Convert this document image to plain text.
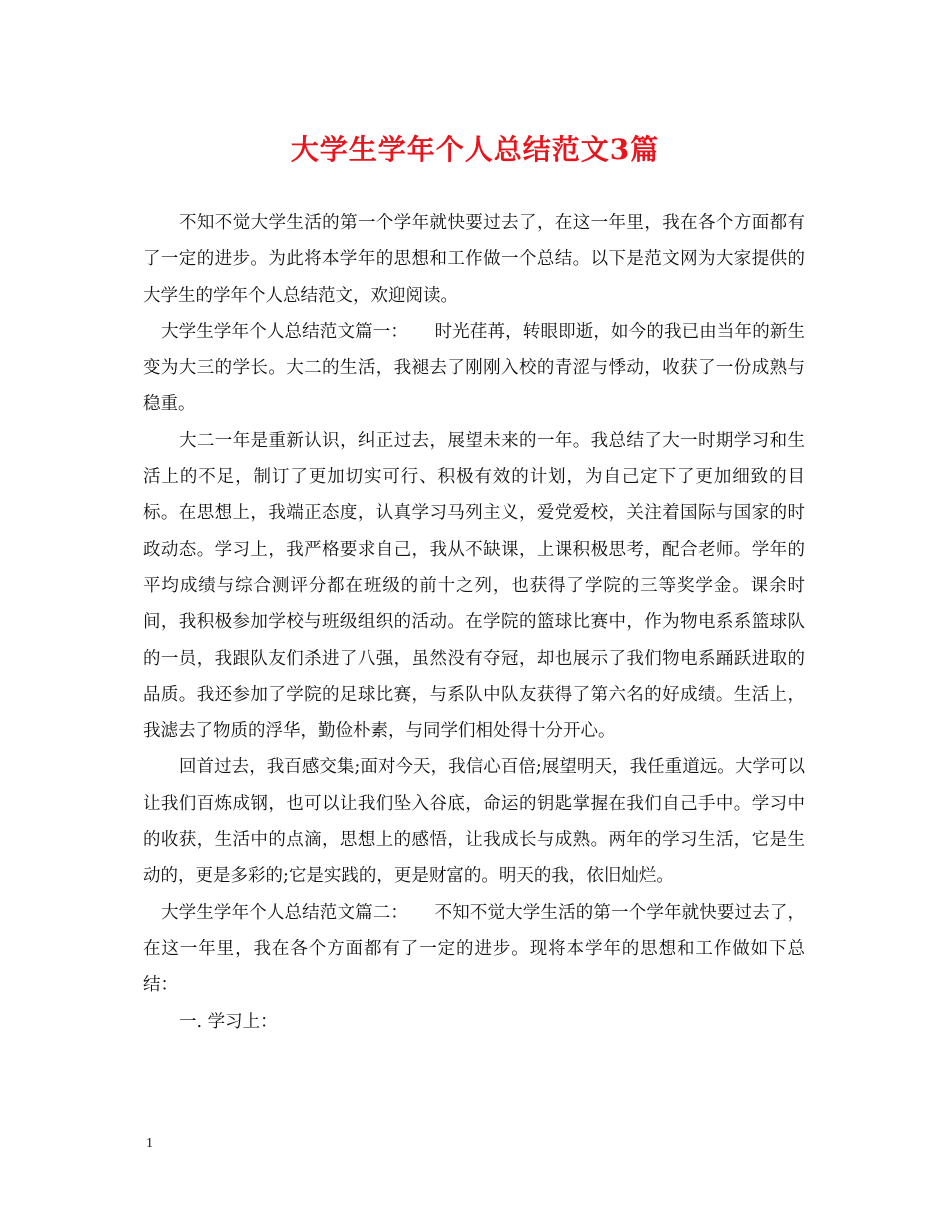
大学生学年个人总结范文3篇

不知不觉大学生活的第一个学年就快要过去了，在这一年里，我在各个方面都有了一定的进步。为此将本学年的思想和工作做一个总结。以下是范文网为大家提供的大学生的学年个人总结范文，欢迎阅读。

大学生学年个人总结范文篇一：　　时光荏苒，转眼即逝，如今的我已由当年的新生变为大三的学长。大二的生活，我褪去了刚刚入校的青涩与悸动，收获了一份成熟与稳重。

大二一年是重新认识，纠正过去，展望未来的一年。我总结了大一时期学习和生活上的不足，制订了更加切实可行、积极有效的计划，为自己定下了更加细致的目标。在思想上，我端正态度，认真学习马列主义，爱党爱校，关注着国际与国家的时政动态。学习上，我严格要求自己，我从不缺课，上课积极思考，配合老师。学年的平均成绩与综合测评分都在班级的前十之列，也获得了学院的三等奖学金。课余时间，我积极参加学校与班级组织的活动。在学院的篮球比赛中，作为物电系系篮球队的一员，我跟队友们杀进了八强，虽然没有夺冠，却也展示了我们物电系踊跃进取的品质。我还参加了学院的足球比赛，与系队中队友获得了第六名的好成绩。生活上，我滤去了物质的浮华，勤俭朴素，与同学们相处得十分开心。

回首过去，我百感交集;面对今天，我信心百倍;展望明天，我任重道远。大学可以让我们百炼成钢，也可以让我们坠入谷底，命运的钥匙掌握在我们自己手中。学习中的收获，生活中的点滴，思想上的感悟，让我成长与成熟。两年的学习生活，它是生动的，更是多彩的;它是实践的，更是财富的。明天的我，依旧灿烂。

大学生学年个人总结范文篇二：　　不知不觉大学生活的第一个学年就快要过去了，在这一年里，我在各个方面都有了一定的进步。现将本学年的思想和工作做如下总结：

一. 学习上：

1
